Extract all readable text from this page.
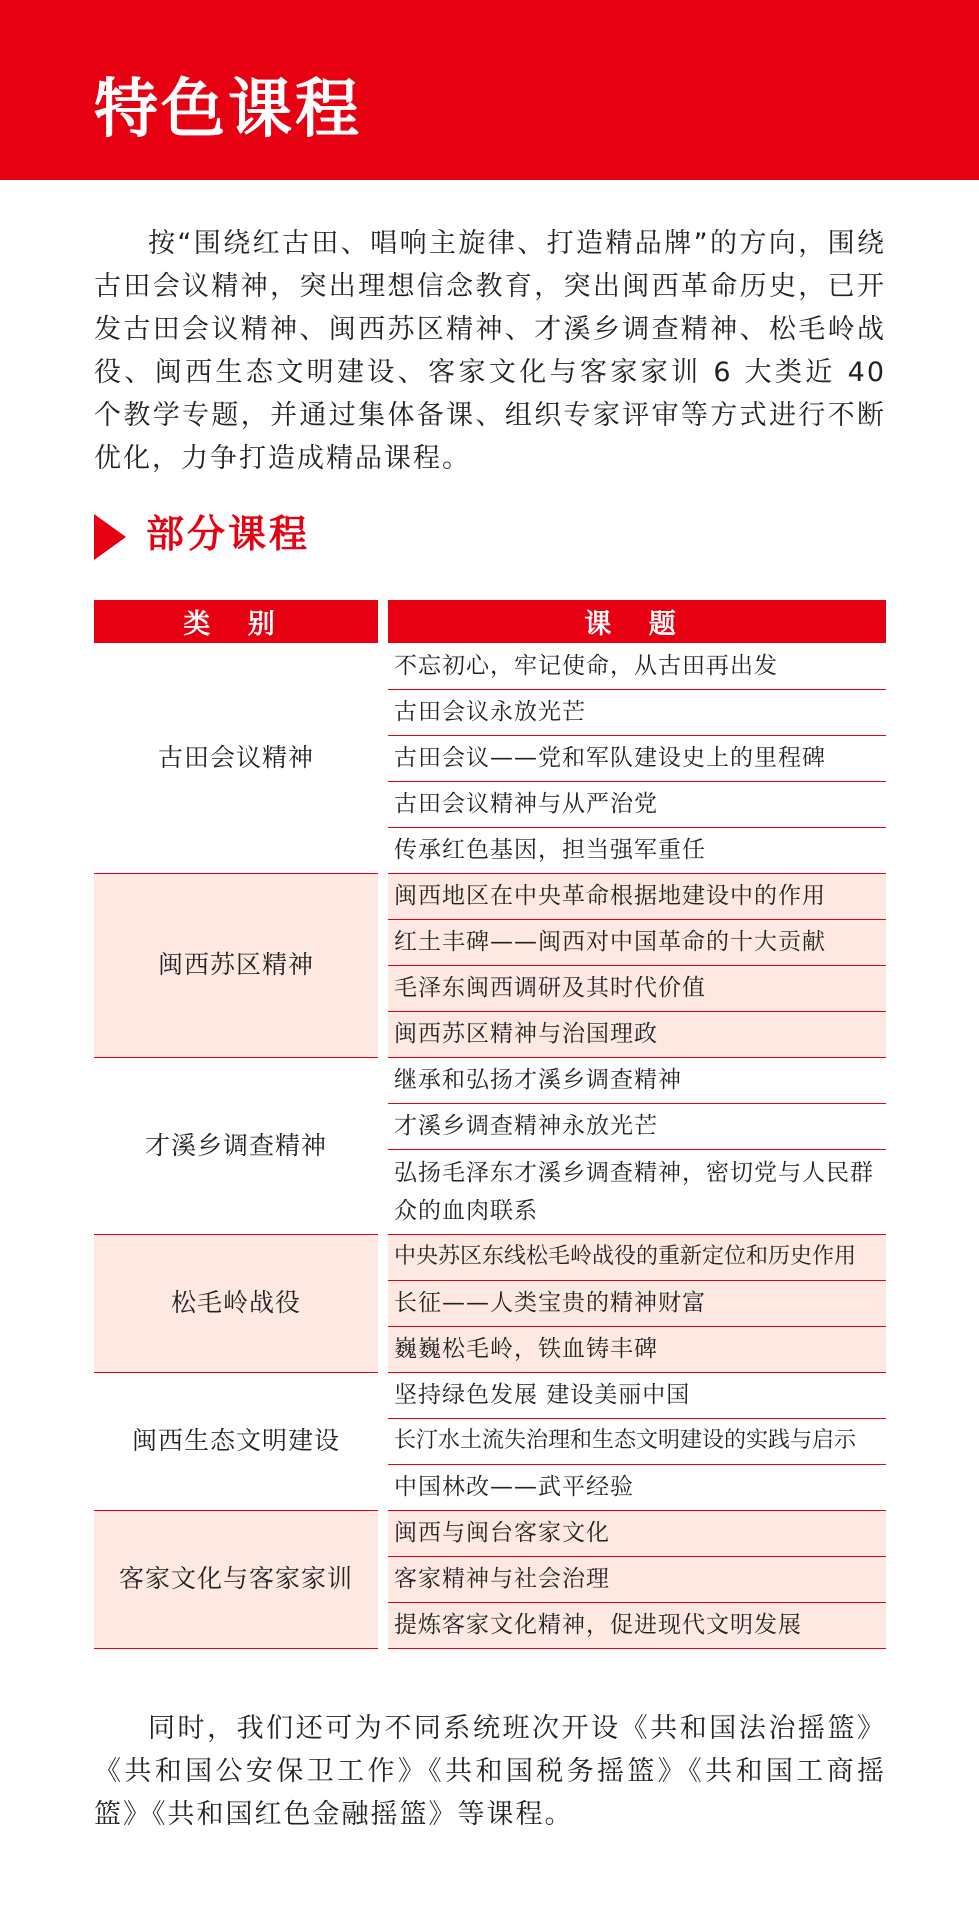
特色课程

按“围绕红古田、唱响主旋律、打造精品牌”的方向，围绕古田会议精神，突出理想信念教育，突出闽西革命历史，已开发古田会议精神、闽西苏区精神、才溪乡调查精神、松毛岭战役、闽西生态文明建设、客家文化与客家家训 6 大类近 40 个教学专题，并通过集体备课、组织专家评审等方式进行不断优化，力争打造成精品课程。

部分课程
类 别		课 题
古田会议精神		不忘初心，牢记使命，从古田再出发
		古田会议永放光芒
		古田会议——党和军队建设史上的里程碑
		古田会议精神与从严治党
		传承红色基因，担当强军重任
闽西苏区精神		闽西地区在中央革命根据地建设中的作用
		红土丰碑——闽西对中国革命的十大贡献
		毛泽东闽西调研及其时代价值
		闽西苏区精神与治国理政
才溪乡调查精神		继承和弘扬才溪乡调查精神
		才溪乡调查精神永放光芒
		弘扬毛泽东才溪乡调查精神，密切党与人民群众的血肉联系
松毛岭战役		中央苏区东线松毛岭战役的重新定位和历史作用
		长征——人类宝贵的精神财富
		巍巍松毛岭，铁血铸丰碑
闽西生态文明建设		坚持绿色发展 建设美丽中国
		长汀水土流失治理和生态文明建设的实践与启示
		中国林改——武平经验
客家文化与客家家训		闽西与闽台客家文化
		客家精神与社会治理
		提炼客家文化精神，促进现代文明发展

同时，我们还可为不同系统班次开设《共和国法治摇篮》《共和国公安保卫工作》《共和国税务摇篮》《共和国工商摇篮》《共和国红色金融摇篮》等课程。
